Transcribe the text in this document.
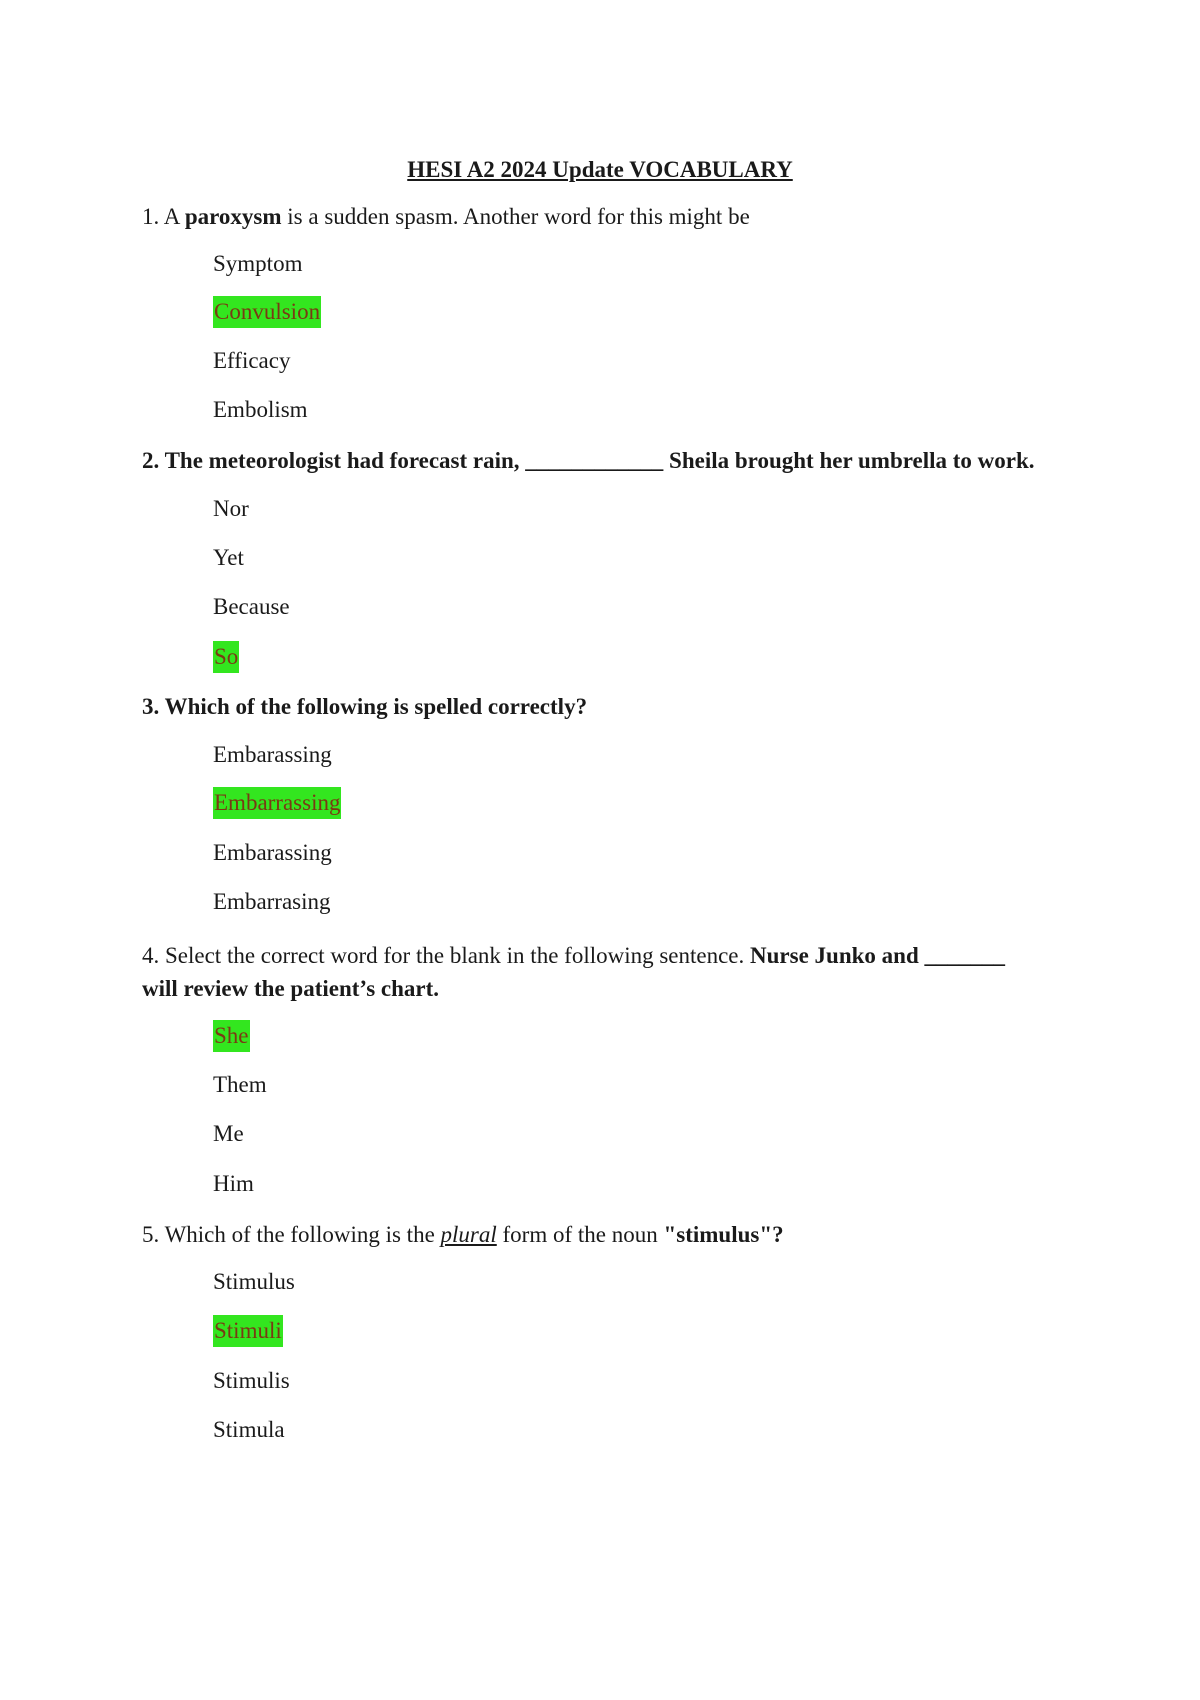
HESI A2 2024 Update VOCABULARY
1. A paroxysm is a sudden spasm. Another word for this might be
Symptom
Convulsion
Efficacy
Embolism
2. The meteorologist had forecast rain, ____________ Sheila brought her umbrella to work.
Nor
Yet
Because
So
3. Which of the following is spelled correctly?
Embarassing
Embarrassing
Embarassing
Embarrasing
4. Select the correct word for the blank in the following sentence. Nurse Junko and _______ will review the patient’s chart.
She
Them
Me
Him
5. Which of the following is the plural form of the noun "stimulus"?
Stimulus
Stimuli
Stimulis
Stimula
